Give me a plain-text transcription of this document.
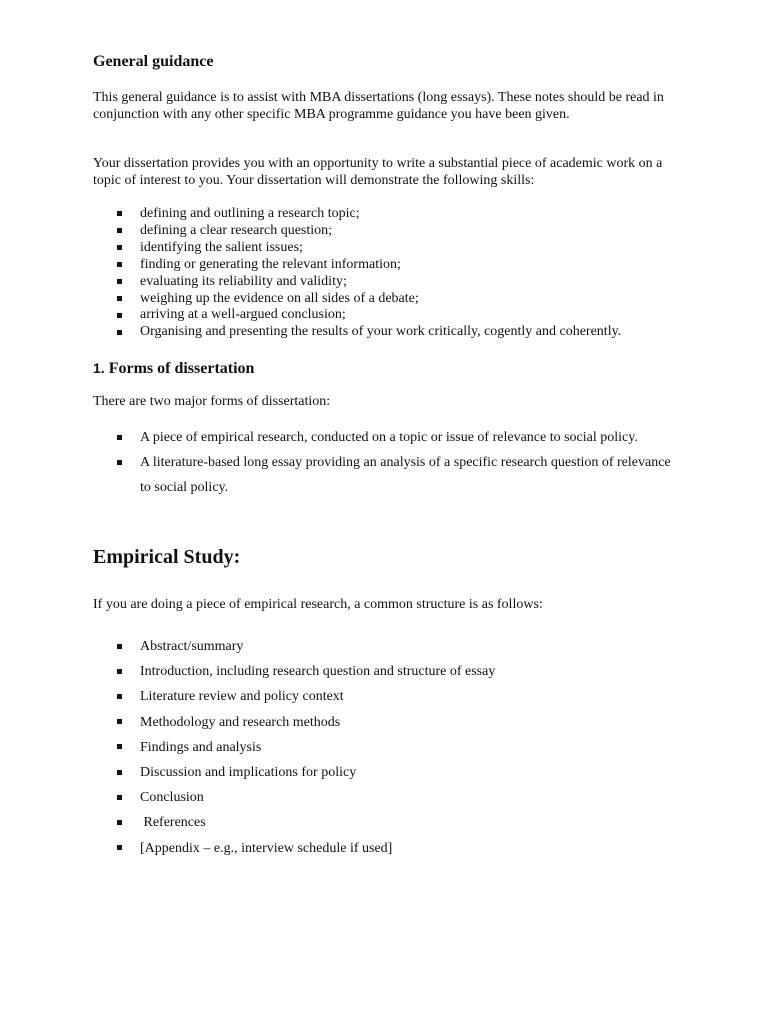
General guidance

This general guidance is to assist with MBA dissertations (long essays). These notes should be read in conjunction with any other specific MBA programme guidance you have been given.

Your dissertation provides you with an opportunity to write a substantial piece of academic work on a topic of interest to you. Your dissertation will demonstrate the following skills:

defining and outlining a research topic;
defining a clear research question;
identifying the salient issues;
finding or generating the relevant information;
evaluating its reliability and validity;
weighing up the evidence on all sides of a debate;
arriving at a well-argued conclusion;
Organising and presenting the results of your work critically, cogently and coherently.
1. Forms of dissertation

There are two major forms of dissertation:

A piece of empirical research, conducted on a topic or issue of relevance to social policy.
A literature-based long essay providing an analysis of a specific research question of relevance to social policy.
Empirical Study:

If you are doing a piece of empirical research, a common structure is as follows:

Abstract/summary
Introduction, including research question and structure of essay
Literature review and policy context
Methodology and research methods
Findings and analysis
Discussion and implications for policy
Conclusion
References
[Appendix – e.g., interview schedule if used]
